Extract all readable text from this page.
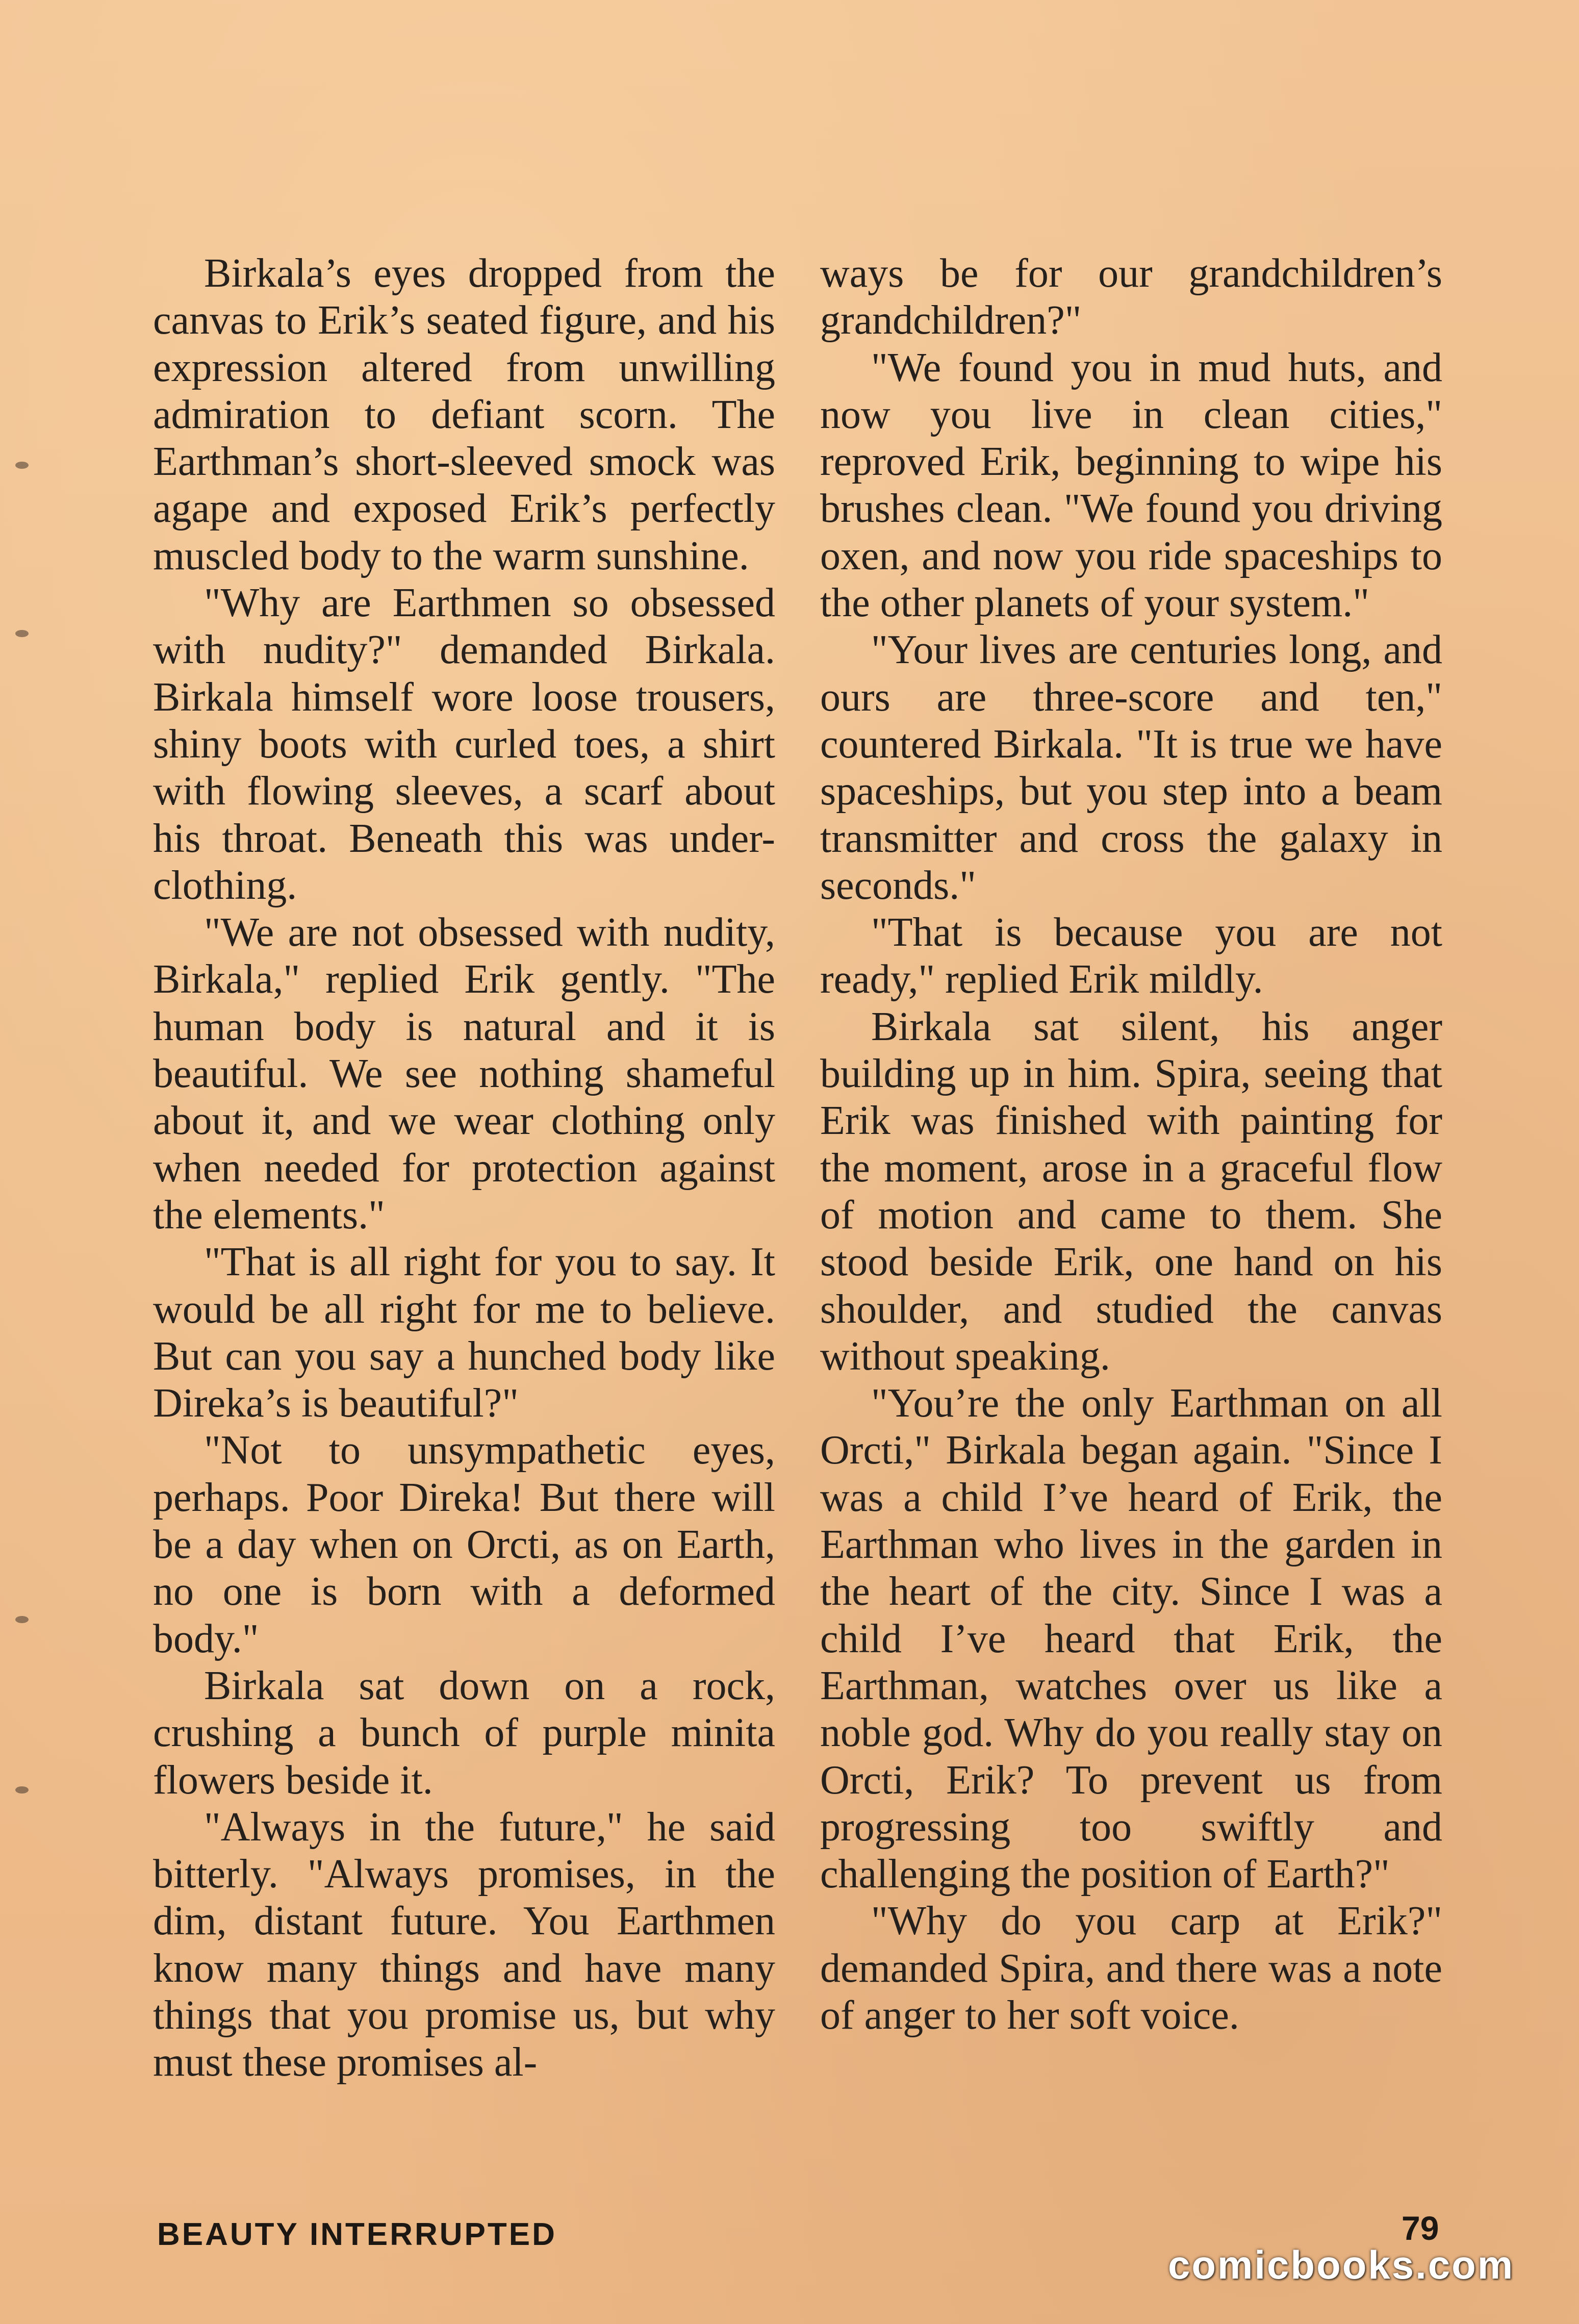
Birkala’s eyes dropped from the canvas to Erik’s seated figure, and his expression altered from unwilling admiration to defiant scorn. The Earthman’s short-sleeved smock was agape and exposed Erik’s perfectly muscled body to the warm sunshine.

"Why are Earthmen so obsessed with nudity?" demanded Birkala. Birkala himself wore loose trousers, shiny boots with curled toes, a shirt with flowing sleeves, a scarf about his throat. Beneath this was under-clothing.

"We are not obsessed with nudity, Birkala," replied Erik gently. "The human body is natural and it is beautiful. We see nothing shameful about it, and we wear clothing only when needed for protection against the elements."

"That is all right for you to say. It would be all right for me to believe. But can you say a hunched body like Direka’s is beautiful?"

"Not to unsympathetic eyes, perhaps. Poor Direka! But there will be a day when on Orcti, as on Earth, no one is born with a deformed body."

Birkala sat down on a rock, crushing a bunch of purple minita flowers beside it.

"Always in the future," he said bitterly. "Always promises, in the dim, distant future. You Earthmen know many things and have many things that you promise us, but why must these promises al-

ways be for our grandchildren’s grandchildren?"

"We found you in mud huts, and now you live in clean cities," reproved Erik, beginning to wipe his brushes clean. "We found you driving oxen, and now you ride spaceships to the other planets of your system."

"Your lives are centuries long, and ours are three-score and ten," countered Birkala. "It is true we have spaceships, but you step into a beam transmitter and cross the galaxy in seconds."

"That is because you are not ready," replied Erik mildly.

Birkala sat silent, his anger building up in him. Spira, seeing that Erik was finished with painting for the moment, arose in a graceful flow of motion and came to them. She stood beside Erik, one hand on his shoulder, and studied the canvas without speaking.

"You’re the only Earthman on all Orcti," Birkala began again. "Since I was a child I’ve heard of Erik, the Earthman who lives in the garden in the heart of the city. Since I was a child I’ve heard that Erik, the Earthman, watches over us like a noble god. Why do you really stay on Orcti, Erik? To prevent us from progressing too swiftly and challenging the position of Earth?"

"Why do you carp at Erik?" demanded Spira, and there was a note of anger to her soft voice.

BEAUTY INTERRUPTED	79
comicbooks.com
